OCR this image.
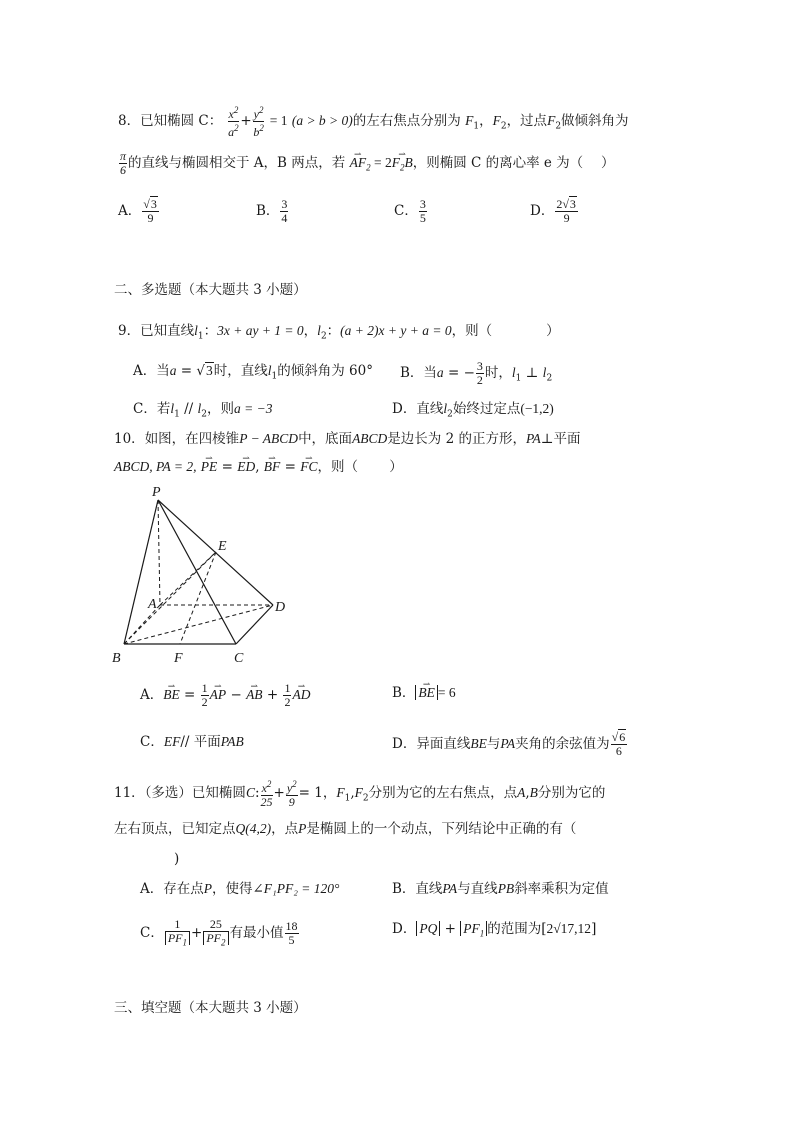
8．已知椭圆 C： $\frac{x^2}{a^2} + \frac{y^2}{b^2} = 1$ (a > b > 0)的左右焦点分别为 $F_1$，$F_2$，过点$F_2$做倾斜角为
$\frac{\pi}{6}$ 的直线与椭圆相交于 A，B 两点，若 ⇀ $AF_2$ = 2⇀ $F_2B$，则椭圆 C 的离心率 e 为（　 ）
A． $\frac{√3}{9}$	B． $\frac{3}{4}$	C． $\frac{3}{5}$	D． $\frac{2√3}{9}$
二、多选题（本大题共 3 小题）
9．已知直线$l_1$：3x + ay + 1 = 0，$l_2$：(a + 2)x + y + a = 0，则（　　　　）
A．当a = √3时，直线$l_1$的倾斜角为 60° B．当a = − $\frac{3}{2}$ 时，$l_1$ ⊥ $l_2$
C．若$l_1 // l_2$，则a = −3	D．直线$l_2$始终过定点(−1,2)
10．如图，在四棱锥P − ABCD中，底面ABCD是边长为 2 的正方形，PA⊥平面
ABCD, PA = 2, ⇀ PE = ⇀ ED, ⇀ BF = ⇀ FC，则（　　 ）
P
E
A	D
B	F	C
A．⇀ BE = $\frac{1}{2}$ ⇀ AP − ⇀ AB + $\frac{1}{2}$ ⇀ AD	B． ⇀ BE = 6
C．EF// 平面PAB	D．异面直线BE与PA夹角的余弦值为 $\frac{√6}{6}$
11．（多选）已知椭圆C: $\frac{x^2}{25} + \frac{y^2}{9} = 1$，$F_1,F_2$分别为它的左右焦点，点A,B分别为它的
左右顶点，已知定点Q(4,2)，点P是椭圆上的一个动点，下列结论中正确的有（
)
A．存在点P，使得∠F₁PF₂ = 120°	B．直线PA与直线PB斜率乘积为定值
C． $\frac{1}{PF_1} + \frac{25}{PF_2}$ 有最小值 $\frac{18}{5}$	D． PQ + $PF_1$ 的范围为[2√17,12]
三、填空题（本大题共 3 小题）
